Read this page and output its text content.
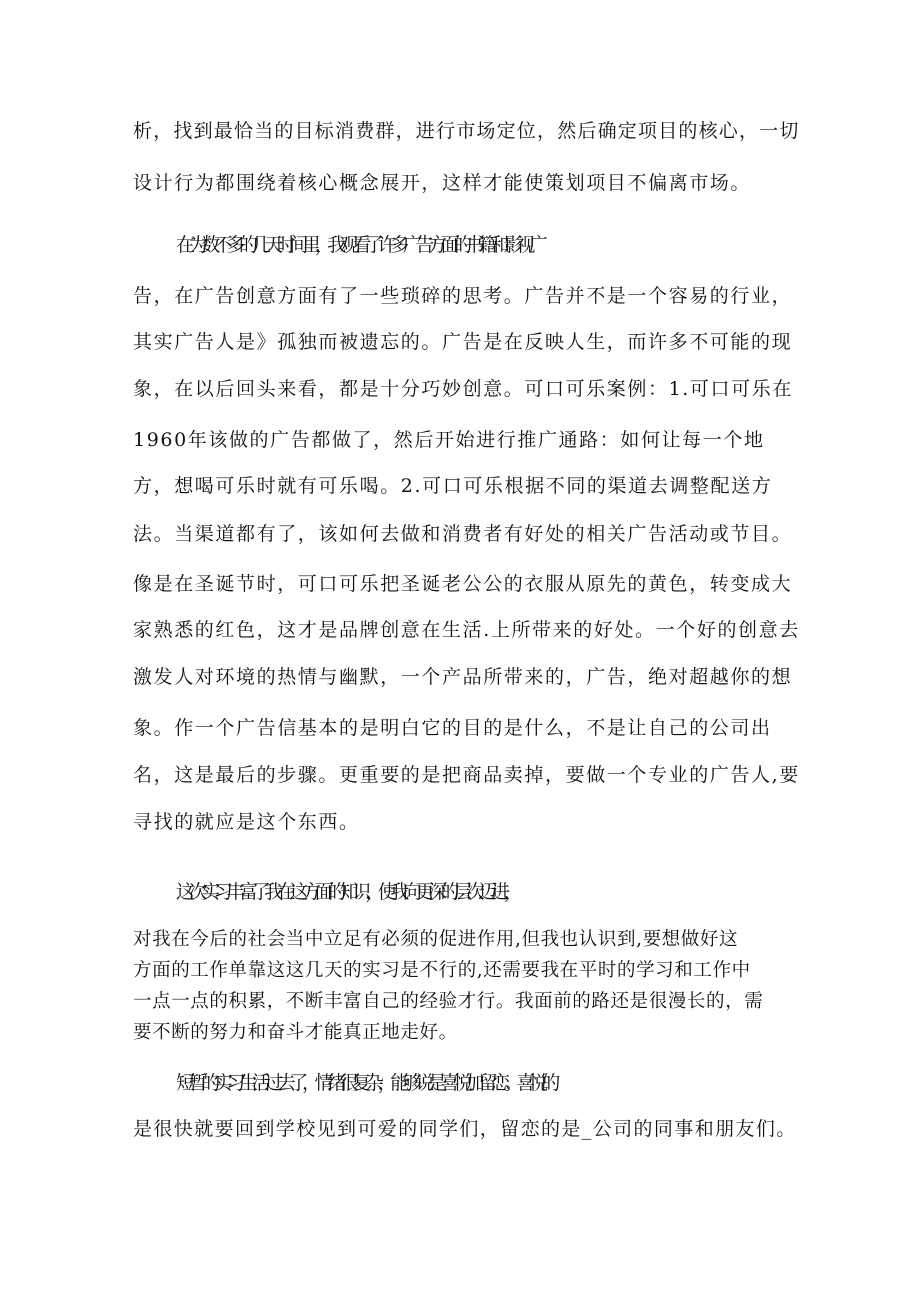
析，找到最恰当的目标消费群，进行市场定位，然后确定项目的核心，一切

设计行为都围绕着核心概念展开，这样才能使策划项目不偏离市场。

在为数不多的几天时间里，我观看了许多广告方面的书籍和影视广

告，在广告创意方面有了一些琐碎的思考。广告并不是一个容易的行业，

其实广告人是》孤独而被遗忘的。广告是在反映人生，而许多不可能的现

象，在以后回头来看，都是十分巧妙创意。可口可乐案例：1.可口可乐在

1960年该做的广告都做了，然后开始进行推广通路：如何让每一个地

方，想喝可乐时就有可乐喝。2.可口可乐根据不同的渠道去调整配送方

法。当渠道都有了，该如何去做和消费者有好处的相关广告活动或节目。

像是在圣诞节时，可口可乐把圣诞老公公的衣服从原先的黄色，转变成大

家熟悉的红色，这才是品牌创意在生活.上所带来的好处。一个好的创意去

激发人对环境的热情与幽默，一个产品所带来的，广告，绝对超越你的想

象。作一个广告信基本的是明白它的目的是什么，不是让自己的公司出

名，这是最后的步骤。更重要的是把商品卖掉，要做一个专业的广告人,要

寻找的就应是这个东西。

这次实习丰富了我在这方面的知识，使我向更深的层次迈进，

对我在今后的社会当中立足有必须的促进作用,但我也认识到,要想做好这

方面的工作单靠这这几天的实习是不行的,还需要我在平时的学习和工作中

一点一点的积累，不断丰富自己的经验才行。我面前的路还是很漫长的，需

要不断的努力和奋斗才能真正地走好。

短暂的实习生活过去了，情绪很复杂，能够说是喜悦加留恋。喜悦的

是很快就要回到学校见到可爱的同学们，留恋的是_公司的同事和朋友们。
